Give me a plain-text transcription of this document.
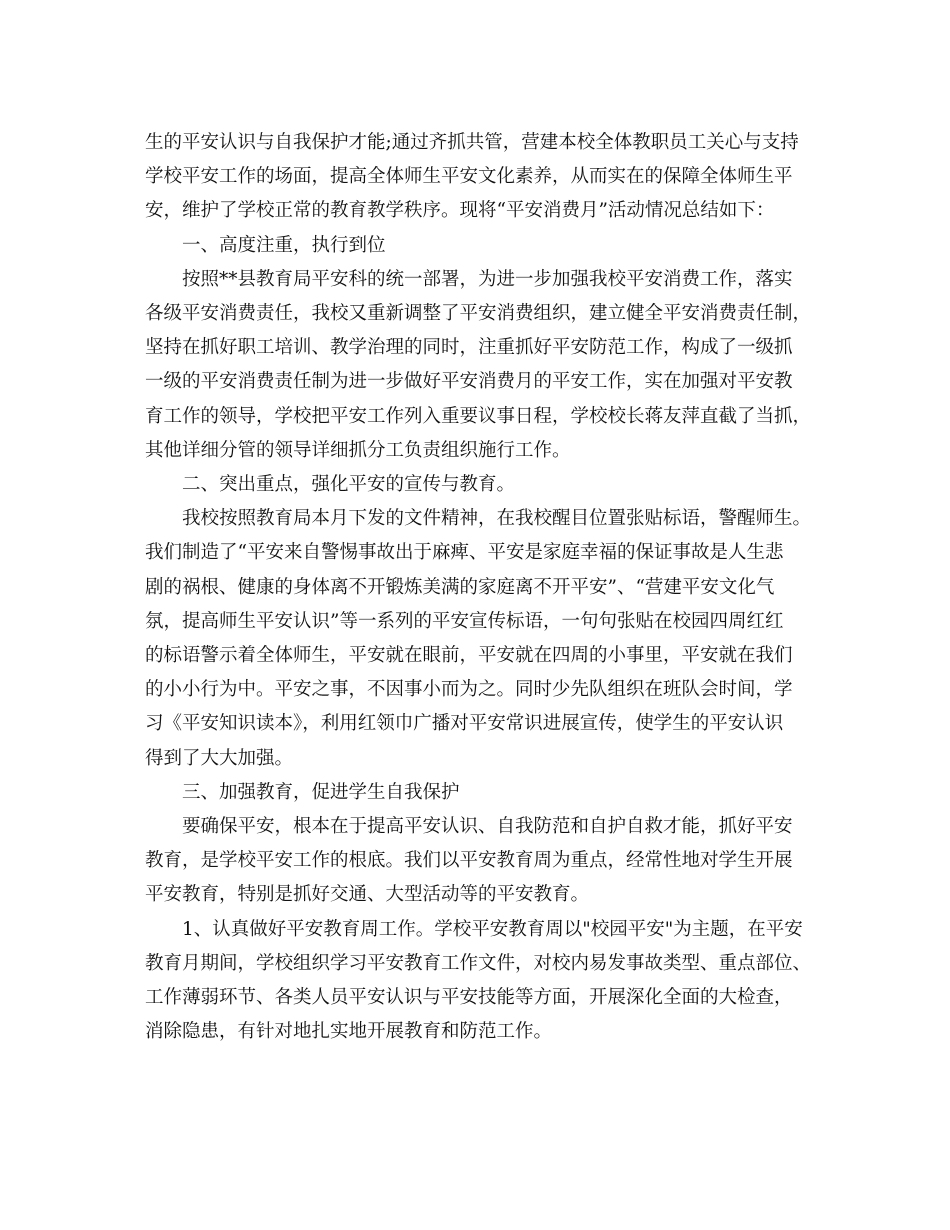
生的平安认识与自我保护才能;通过齐抓共管，营建本校全体教职员工关心与支持
学校平安工作的场面，提高全体师生平安文化素养，从而实在的保障全体师生平
安，维护了学校正常的教育教学秩序。现将“平安消费月”活动情况总结如下：

一、高度注重，执行到位

按照**县教育局平安科的统一部署，为进一步加强我校平安消费工作，落实
各级平安消费责任，我校又重新调整了平安消费组织，建立健全平安消费责任制，
坚持在抓好职工培训、教学治理的同时，注重抓好平安防范工作，构成了一级抓
一级的平安消费责任制为进一步做好平安消费月的平安工作，实在加强对平安教
育工作的领导，学校把平安工作列入重要议事日程，学校校长蒋友萍直截了当抓，
其他详细分管的领导详细抓分工负责组织施行工作。

二、突出重点，强化平安的宣传与教育。

我校按照教育局本月下发的文件精神，在我校醒目位置张贴标语，警醒师生。
我们制造了“平安来自警惕事故出于麻痺、平安是家庭幸福的保证事故是人生悲
剧的祸根、健康的身体离不开锻炼美满的家庭离不开平安”、“营建平安文化气
氛，提高师生平安认识”等一系列的平安宣传标语，一句句张贴在校园四周红红
的标语警示着全体师生，平安就在眼前，平安就在四周的小事里，平安就在我们
的小小行为中。平安之事，不因事小而为之。同时少先队组织在班队会时间，学
习《平安知识读本》，利用红领巾广播对平安常识进展宣传，使学生的平安认识
得到了大大加强。

三、加强教育，促进学生自我保护

要确保平安，根本在于提高平安认识、自我防范和自护自救才能，抓好平安
教育，是学校平安工作的根底。我们以平安教育周为重点，经常性地对学生开展
平安教育，特别是抓好交通、大型活动等的平安教育。

1、认真做好平安教育周工作。学校平安教育周以"校园平安"为主题，在平安
教育月期间，学校组织学习平安教育工作文件，对校内易发事故类型、重点部位、
工作薄弱环节、各类人员平安认识与平安技能等方面，开展深化全面的大检查，
消除隐患，有针对地扎实地开展教育和防范工作。
